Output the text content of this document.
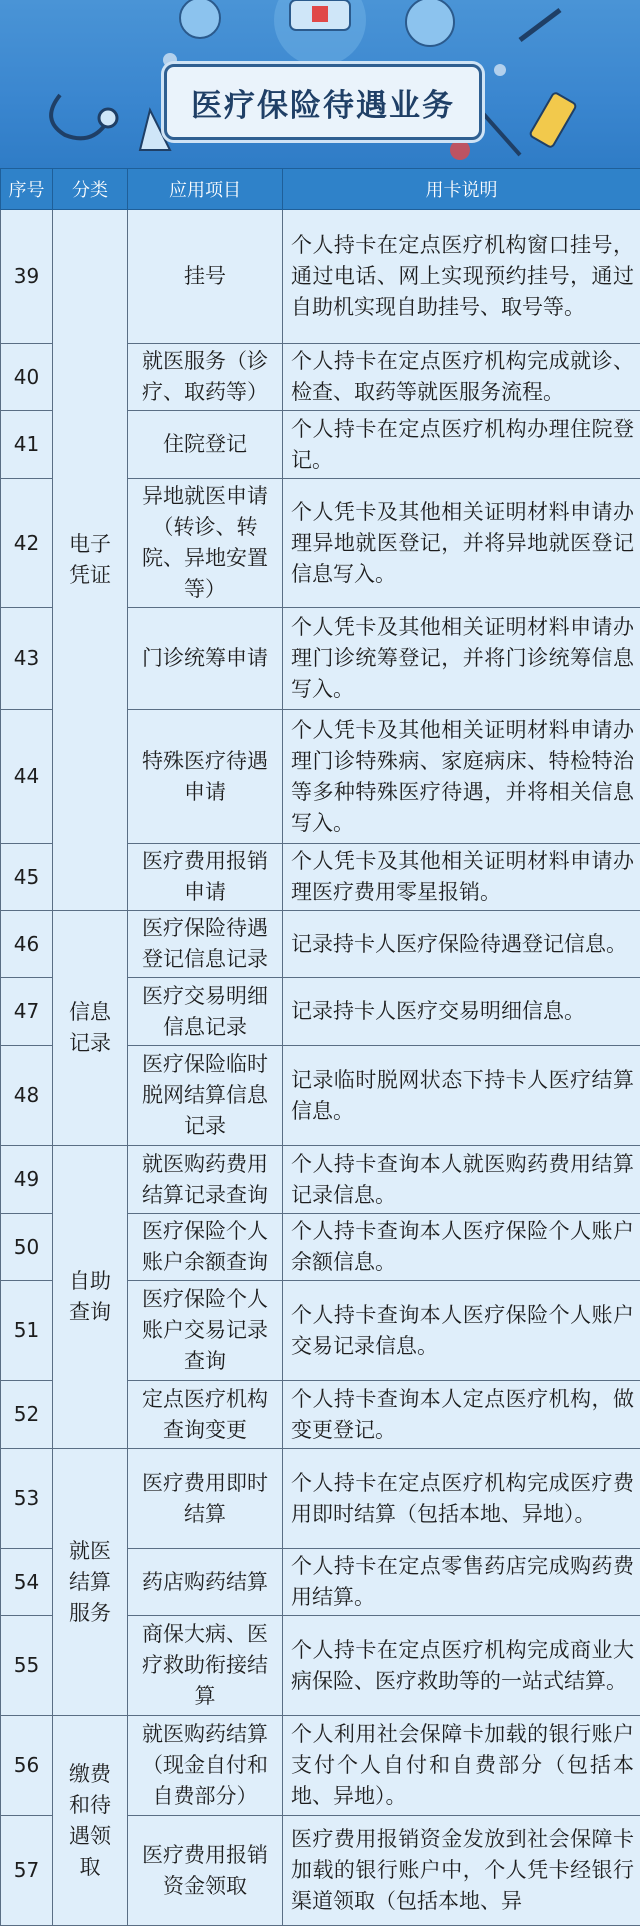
医疗保险待遇业务
序号	分类	应用项目	用卡说明
39	电子凭证	挂号	个人持卡在定点医疗机构窗口挂号，通过电话、网上实现预约挂号，通过自助机实现自助挂号、取号等。
40		就医服务（诊疗、取药等）	个人持卡在定点医疗机构完成就诊、检查、取药等就医服务流程。
41		住院登记	个人持卡在定点医疗机构办理住院登记。
42		异地就医申请（转诊、转院、异地安置等）	个人凭卡及其他相关证明材料申请办理异地就医登记，并将异地就医登记信息写入。
43		门诊统筹申请	个人凭卡及其他相关证明材料申请办理门诊统筹登记，并将门诊统筹信息写入。
44		特殊医疗待遇申请	个人凭卡及其他相关证明材料申请办理门诊特殊病、家庭病床、特检特治等多种特殊医疗待遇，并将相关信息写入。
45		医疗费用报销申请	个人凭卡及其他相关证明材料申请办理医疗费用零星报销。
46	信息记录	医疗保险待遇登记信息记录	记录持卡人医疗保险待遇登记信息。
47		医疗交易明细信息记录	记录持卡人医疗交易明细信息。
48		医疗保险临时脱网结算信息记录	记录临时脱网状态下持卡人医疗结算信息。
49	自助查询	就医购药费用结算记录查询	个人持卡查询本人就医购药费用结算记录信息。
50		医疗保险个人账户余额查询	个人持卡查询本人医疗保险个人账户余额信息。
51		医疗保险个人账户交易记录查询	个人持卡查询本人医疗保险个人账户交易记录信息。
52		定点医疗机构查询变更	个人持卡查询本人定点医疗机构，做变更登记。
53	就医结算服务	医疗费用即时结算	个人持卡在定点医疗机构完成医疗费用即时结算（包括本地、异地）。
54		药店购药结算	个人持卡在定点零售药店完成购药费用结算。
55		商保大病、医疗救助衔接结算	个人持卡在定点医疗机构完成商业大病保险、医疗救助等的一站式结算。
56	缴费和待遇领取	就医购药结算（现金自付和自费部分）	个人利用社会保障卡加载的银行账户支付个人自付和自费部分（包括本地、异地）。
57		医疗费用报销资金领取	医疗费用报销资金发放到社会保障卡加载的银行账户中，个人凭卡经银行渠道领取（包括本地、异
